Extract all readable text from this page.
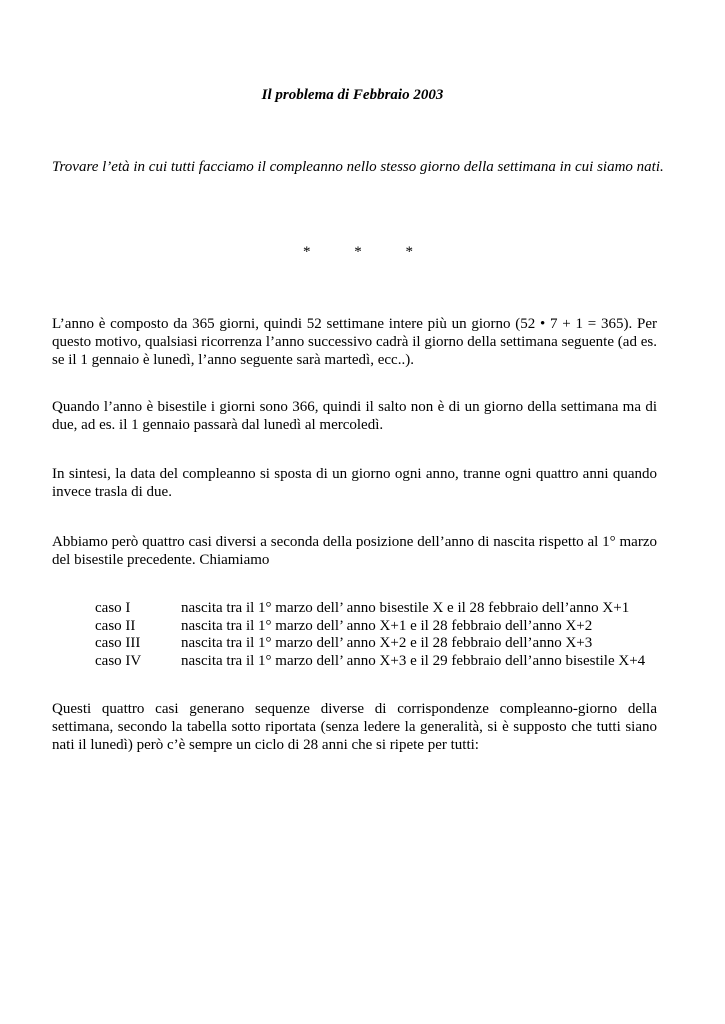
Il problema di Febbraio 2003
Trovare l’età in cui tutti facciamo il compleanno nello stesso giorno della settimana in cui siamo nati.
*	*	*
L’anno è composto da 365 giorni, quindi 52 settimane intere più un giorno (52 • 7 + 1 = 365). Per questo motivo, qualsiasi ricorrenza l’anno successivo cadrà il giorno della settimana seguente (ad es. se il 1 gennaio è lunedì, l’anno seguente sarà martedì, ecc..).
Quando l’anno è bisestile i giorni sono 366, quindi il salto non è di un giorno della settimana ma di due, ad es. il 1 gennaio passarà dal lunedì al mercoledì.
In sintesi, la data del compleanno si sposta di un giorno ogni anno, tranne ogni quattro anni quando invece trasla di due.
Abbiamo però quattro casi diversi a seconda della posizione dell’anno di nascita rispetto al 1° marzo del bisestile precedente. Chiamiamo
caso I	nascita tra il 1° marzo dell’ anno bisestile X e il 28 febbraio dell’anno X+1
caso II	nascita tra il 1° marzo dell’ anno X+1 e il 28 febbraio dell’anno X+2
caso III	nascita tra il 1° marzo dell’ anno X+2 e il 28 febbraio dell’anno X+3
caso IV	nascita tra il 1° marzo dell’ anno X+3 e il 29 febbraio dell’anno bisestile X+4
Questi quattro casi generano sequenze diverse di corrispondenze compleanno-giorno della settimana, secondo la tabella sotto riportata (senza ledere la generalità, si è supposto che tutti siano nati il lunedì) però c’è sempre un ciclo di 28 anni che si ripete per tutti:
